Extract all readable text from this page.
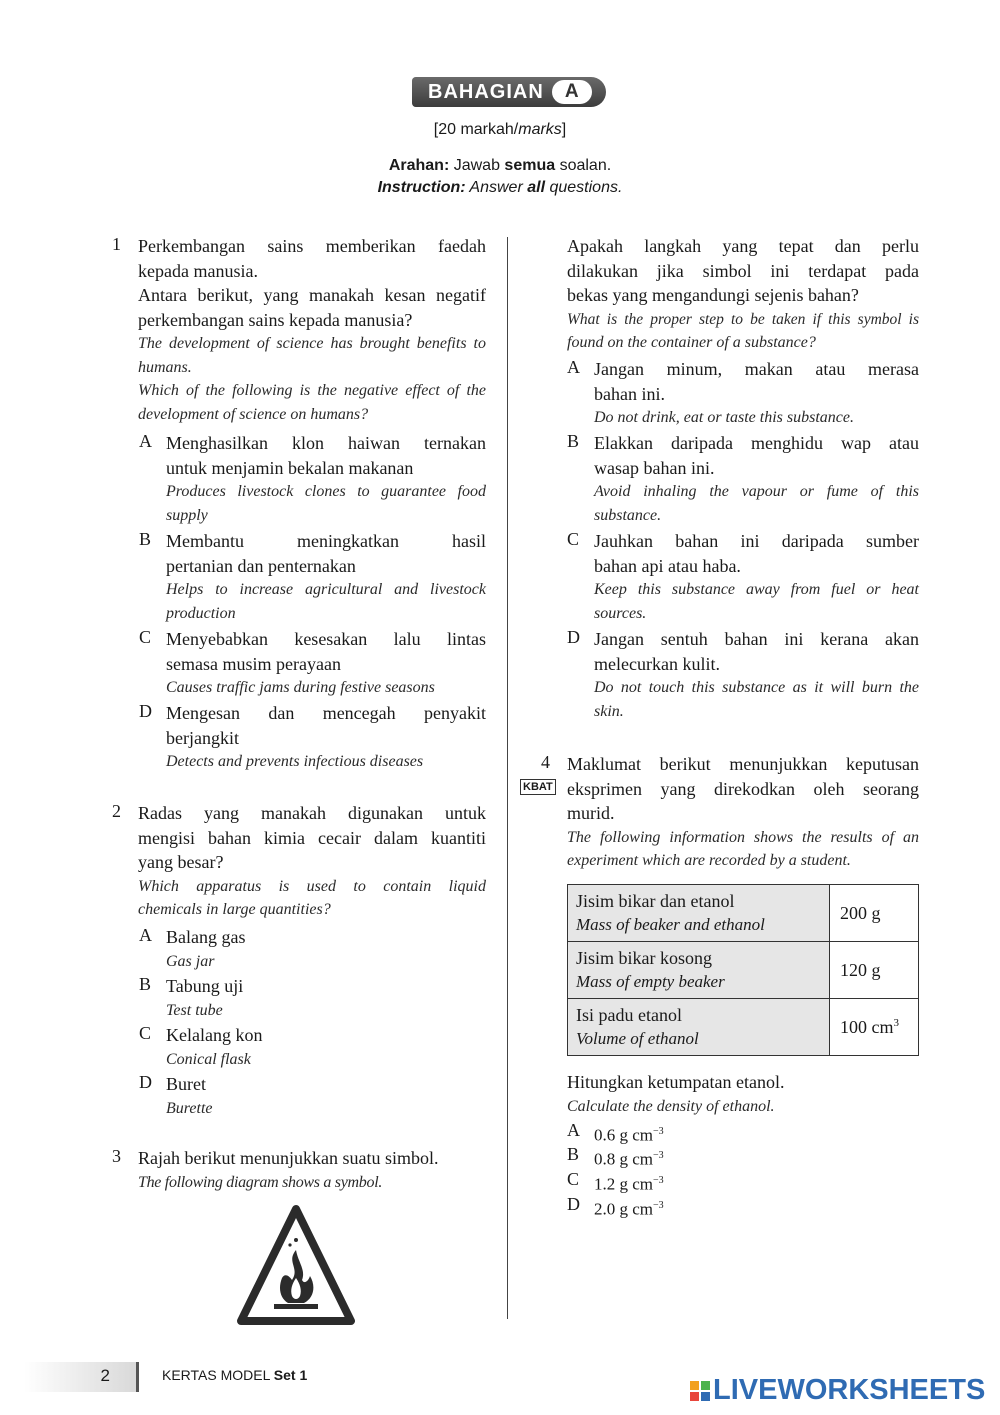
BAHAGIAN	A
[20 markah/marks]
Arahan: Jawab semua soalan.
Instruction: Answer all questions.
1 Perkembangan sains memberikan faedah
kepada manusia.
Antara berikut, yang manakah kesan negatif
perkembangan sains kepada manusia?
The development of science has brought benefits to
humans.
Which of the following is the negative effect of the
development of science on humans?
A Menghasilkan klon haiwan ternakan
untuk menjamin bekalan makanan
Produces livestock clones to guarantee food
supply
B Membantu meningkatkan hasil
pertanian dan penternakan
Helps to increase agricultural and livestock
production
C Menyebabkan kesesakan lalu lintas
semasa musim perayaan
Causes traffic jams during festive seasons
D Mengesan dan mencegah penyakit
berjangkit
Detects and prevents infectious diseases
2 Radas yang manakah digunakan untuk
mengisi bahan kimia cecair dalam kuantiti
yang besar?
Which apparatus is used to contain liquid
chemicals in large quantities?
A Balang gas
Gas jar
B Tabung uji
Test tube
C Kelalang kon
Conical flask
D Buret
Burette
3 Rajah berikut menunjukkan suatu simbol.
The following diagram shows a symbol.
Apakah langkah yang tepat dan perlu
dilakukan jika simbol ini terdapat pada
bekas yang mengandungi sejenis bahan?
What is the proper step to be taken if this symbol is
found on the container of a substance?
A Jangan minum, makan atau merasa
bahan ini.
Do not drink, eat or taste this substance.
B Elakkan daripada menghidu wap atau
wasap bahan ini.
Avoid inhaling the vapour or fume of this
substance.
C Jauhkan bahan ini daripada sumber
bahan api atau haba.
Keep this substance away from fuel or heat
sources.
D Jangan sentuh bahan ini kerana akan
melecurkan kulit.
Do not touch this substance as it will burn the
skin.
4
KBAT
Maklumat berikut menunjukkan keputusan
eksprimen yang direkodkan oleh seorang
murid.
The following information shows the results of an
experiment which are recorded by a student.
Jisim bikar dan etanol
Mass of beaker and ethanol	200 g

Jisim bikar kosong
Mass of empty beaker	120 g

Isi padu etanol
Volume of ethanol	100 $cm^3$
Hitungkan ketumpatan etanol.
Calculate the density of ethanol.
A 0.6 g $cm^{-3}$
B 0.8 g $cm^{-3}$
C 1.2 g $cm^{-3}$
D 2.0 g $cm^{-3}$
2	KERTAS MODEL Set 1	LIVEWORKSHEETS
